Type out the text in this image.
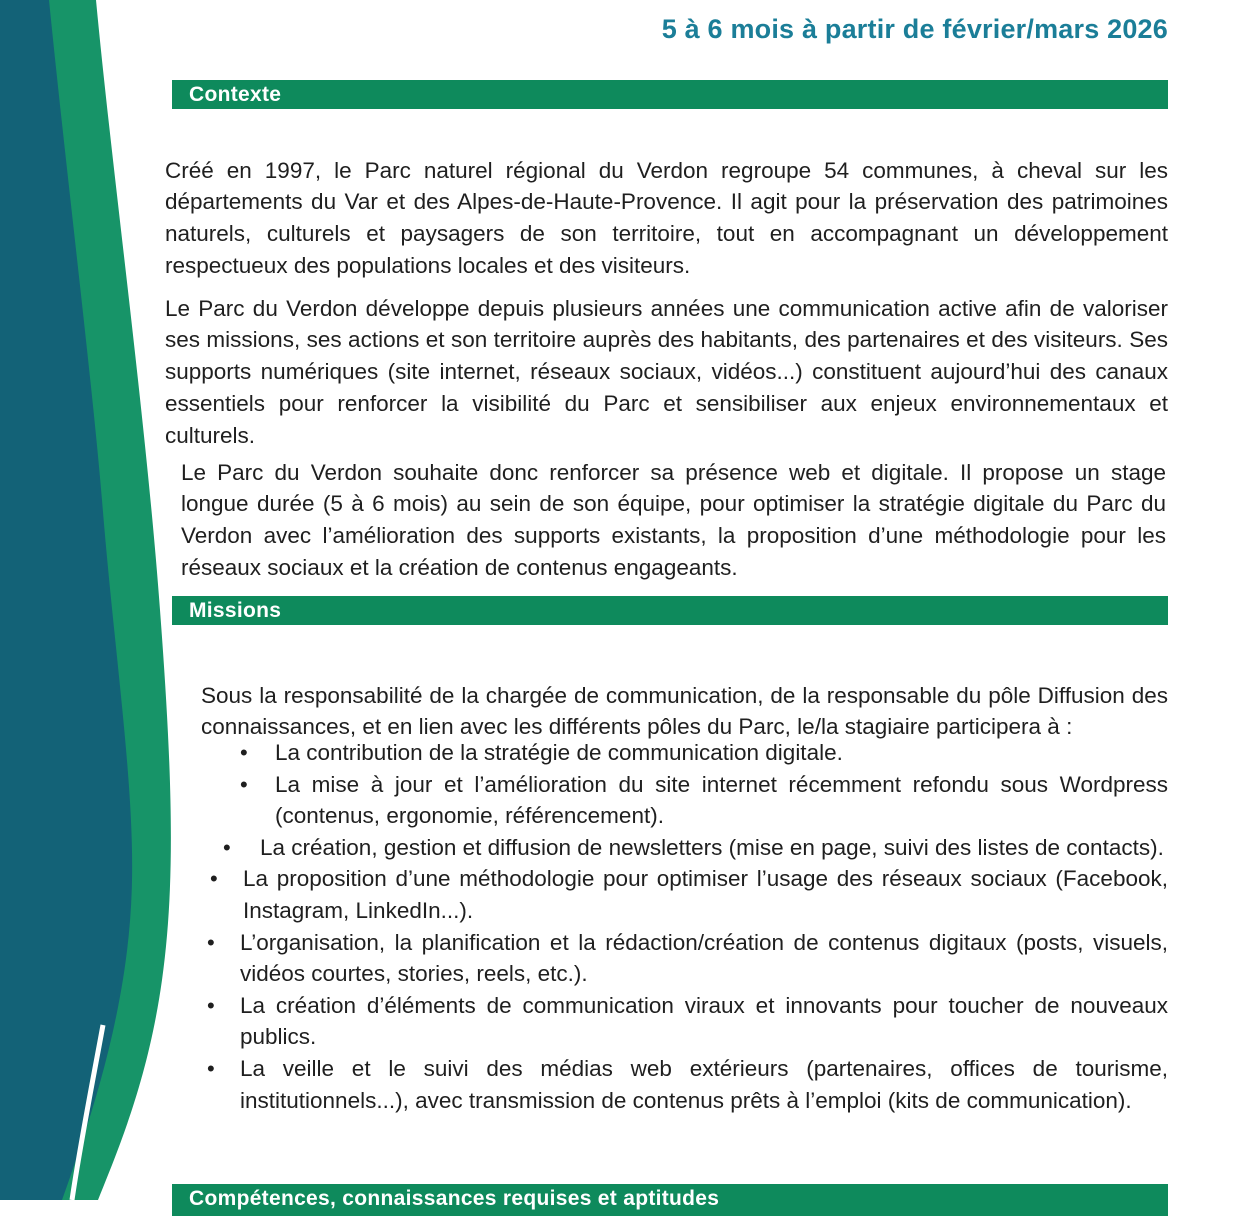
5 à 6 mois à partir de février/mars 2026
Contexte

Créé en 1997, le Parc naturel régional du Verdon regroupe 54 communes, à cheval sur les départements du Var et des Alpes-de-Haute-Provence. Il agit pour la préservation des patrimoines naturels, culturels et paysagers de son territoire, tout en accompagnant un développement respectueux des populations locales et des visiteurs.

Le Parc du Verdon développe depuis plusieurs années une communication active afin de valoriser ses missions, ses actions et son territoire auprès des habitants, des partenaires et des visiteurs. Ses supports numériques (site internet, réseaux sociaux, vidéos...) constituent aujourd’hui des canaux essentiels pour renforcer la visibilité du Parc et sensibiliser aux enjeux environnementaux et culturels.

Le Parc du Verdon souhaite donc renforcer sa présence web et digitale. Il propose un stage longue durée (5 à 6 mois) au sein de son équipe, pour optimiser la stratégie digitale du Parc du Verdon avec l’amélioration des supports existants, la proposition d’une méthodologie pour les réseaux sociaux et la création de contenus engageants.

Missions

Sous la responsabilité de la chargée de communication, de la responsable du pôle Diffusion des connaissances, et en lien avec les différents pôles du Parc, le/la stagiaire participera à :

• La contribution de la stratégie de communication digitale.
• La mise à jour et l’amélioration du site internet récemment refondu sous Wordpress (contenus, ergonomie, référencement).
• La création, gestion et diffusion de newsletters (mise en page, suivi des listes de contacts).
• La proposition d’une méthodologie pour optimiser l’usage des réseaux sociaux (Facebook, Instagram, LinkedIn...).
• L’organisation, la planification et la rédaction/création de contenus digitaux (posts, visuels, vidéos courtes, stories, reels, etc.).
• La création d’éléments de communication viraux et innovants pour toucher de nouveaux publics.
• La veille et le suivi des médias web extérieurs (partenaires, offices de tourisme, institutionnels...), avec transmission de contenus prêts à l’emploi (kits de communication).
Compétences, connaissances requises et aptitudes
